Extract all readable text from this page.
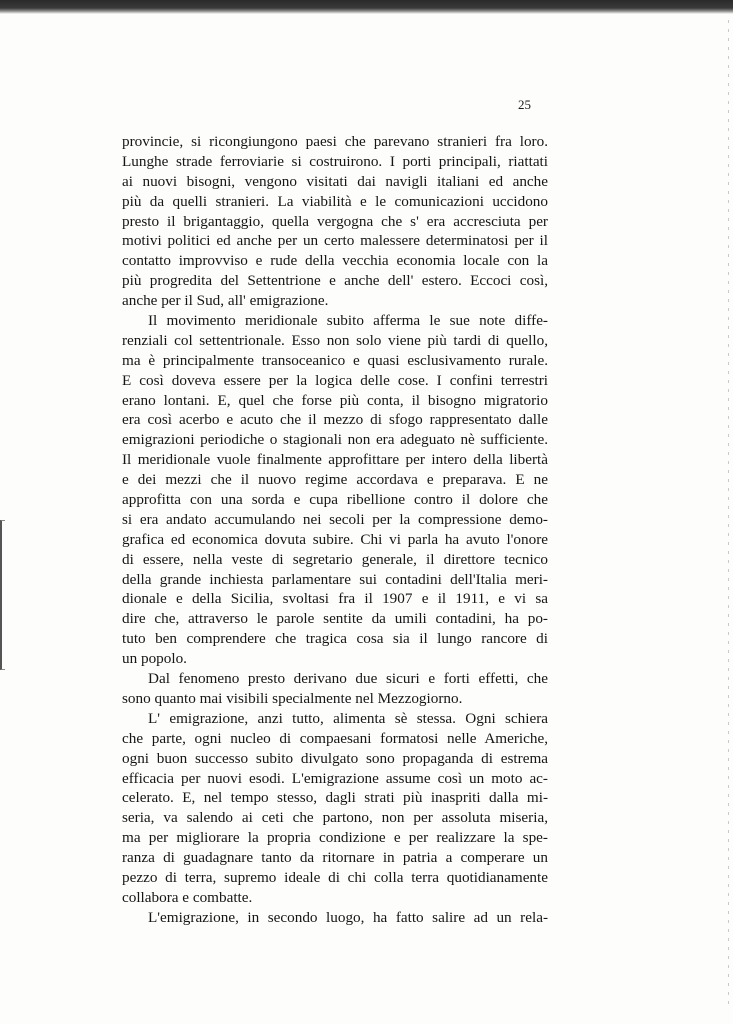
25
provincie, si ricongiungono paesi che parevano stranieri fra loro.
Lunghe strade ferroviarie si costruirono. I porti principali, riattati
ai nuovi bisogni, vengono visitati dai navigli italiani ed anche
più da quelli stranieri. La viabilità e le comunicazioni uccidono
presto il brigantaggio, quella vergogna che s' era accresciuta per
motivi politici ed anche per un certo malessere determinatosi per il
contatto improvviso e rude della vecchia economia locale con la
più progredita del Settentrione e anche dell' estero. Eccoci così,
anche per il Sud, all' emigrazione.
Il movimento meridionale subito afferma le sue note diffe-
renziali col settentrionale. Esso non solo viene più tardi di quello,
ma è principalmente transoceanico e quasi esclusivamento rurale.
E così doveva essere per la logica delle cose. I confini terrestri
erano lontani. E, quel che forse più conta, il bisogno migratorio
era così acerbo e acuto che il mezzo di sfogo rappresentato dalle
emigrazioni periodiche o stagionali non era adeguato nè sufficiente.
Il meridionale vuole finalmente approfittare per intero della libertà
e dei mezzi che il nuovo regime accordava e preparava. E ne
approfitta con una sorda e cupa ribellione contro il dolore che
si era andato accumulando nei secoli per la compressione demo-
grafica ed economica dovuta subire. Chi vi parla ha avuto l'onore
di essere, nella veste di segretario generale, il direttore tecnico
della grande inchiesta parlamentare sui contadini dell'Italia meri-
dionale e della Sicilia, svoltasi fra il 1907 e il 1911, e vi sa
dire che, attraverso le parole sentite da umili contadini, ha po-
tuto ben comprendere che tragica cosa sia il lungo rancore di
un popolo.
Dal fenomeno presto derivano due sicuri e forti effetti, che
sono quanto mai visibili specialmente nel Mezzogiorno.
L' emigrazione, anzi tutto, alimenta sè stessa. Ogni schiera
che parte, ogni nucleo di compaesani formatosi nelle Americhe,
ogni buon successo subito divulgato sono propaganda di estrema
efficacia per nuovi esodi. L'emigrazione assume così un moto ac-
celerato. E, nel tempo stesso, dagli strati più inaspriti dalla mi-
seria, va salendo ai ceti che partono, non per assoluta miseria,
ma per migliorare la propria condizione e per realizzare la spe-
ranza di guadagnare tanto da ritornare in patria a comperare un
pezzo di terra, supremo ideale di chi colla terra quotidianamente
collabora e combatte.
L'emigrazione, in secondo luogo, ha fatto salire ad un rela-
